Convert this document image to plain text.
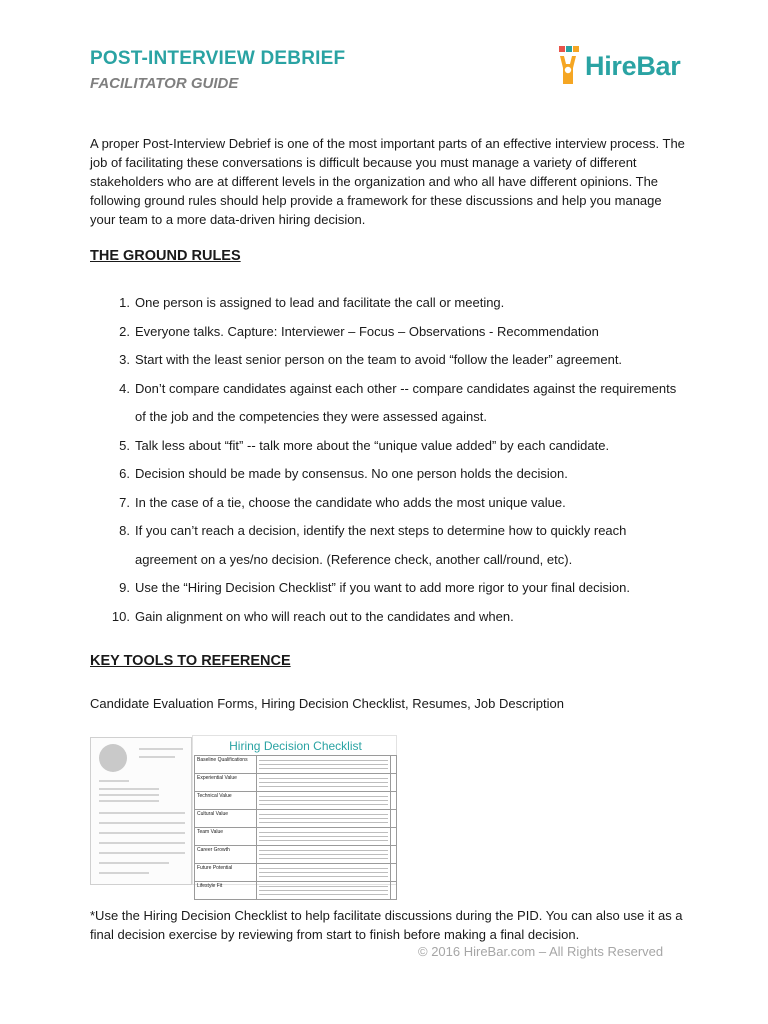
POST-INTERVIEW DEBRIEF
FACILITATOR GUIDE
HireBar

A proper Post-Interview Debrief is one of the most important parts of an effective interview process. The job of facilitating these conversations is difficult because you must manage a variety of different stakeholders who are at different levels in the organization and who all have different opinions. The following ground rules should help provide a framework for these discussions and help you manage your team to a more data-driven hiring decision.

THE GROUND RULES
1. One person is assigned to lead and facilitate the call or meeting.
2. Everyone talks. Capture: Interviewer – Focus – Observations - Recommendation
3. Start with the least senior person on the team to avoid “follow the leader” agreement.
4. Don’t compare candidates against each other -- compare candidates against the requirements of the job and the competencies they were assessed against.
5. Talk less about “fit” -- talk more about the “unique value added” by each candidate.
6. Decision should be made by consensus. No one person holds the decision.
7. In the case of a tie, choose the candidate who adds the most unique value.
8. If you can’t reach a decision, identify the next steps to determine how to quickly reach agreement on a yes/no decision. (Reference check, another call/round, etc).
9. Use the “Hiring Decision Checklist” if you want to add more rigor to your final decision.
10. Gain alignment on who will reach out to the candidates and when.
KEY TOOLS TO REFERENCE
Candidate Evaluation Forms, Hiring Decision Checklist, Resumes, Job Description
Hiring Decision Checklist
Baseline Qualifications	

Experiential Value	

Technical Value	

Cultural Value	

Team Value	

Career Growth	

Future Potential	

Lifestyle Fit	

*Use the Hiring Decision Checklist to help facilitate discussions during the PID. You can also use it as a final decision exercise by reviewing from start to finish before making a final decision.

© 2016 HireBar.com – All Rights Reserved
